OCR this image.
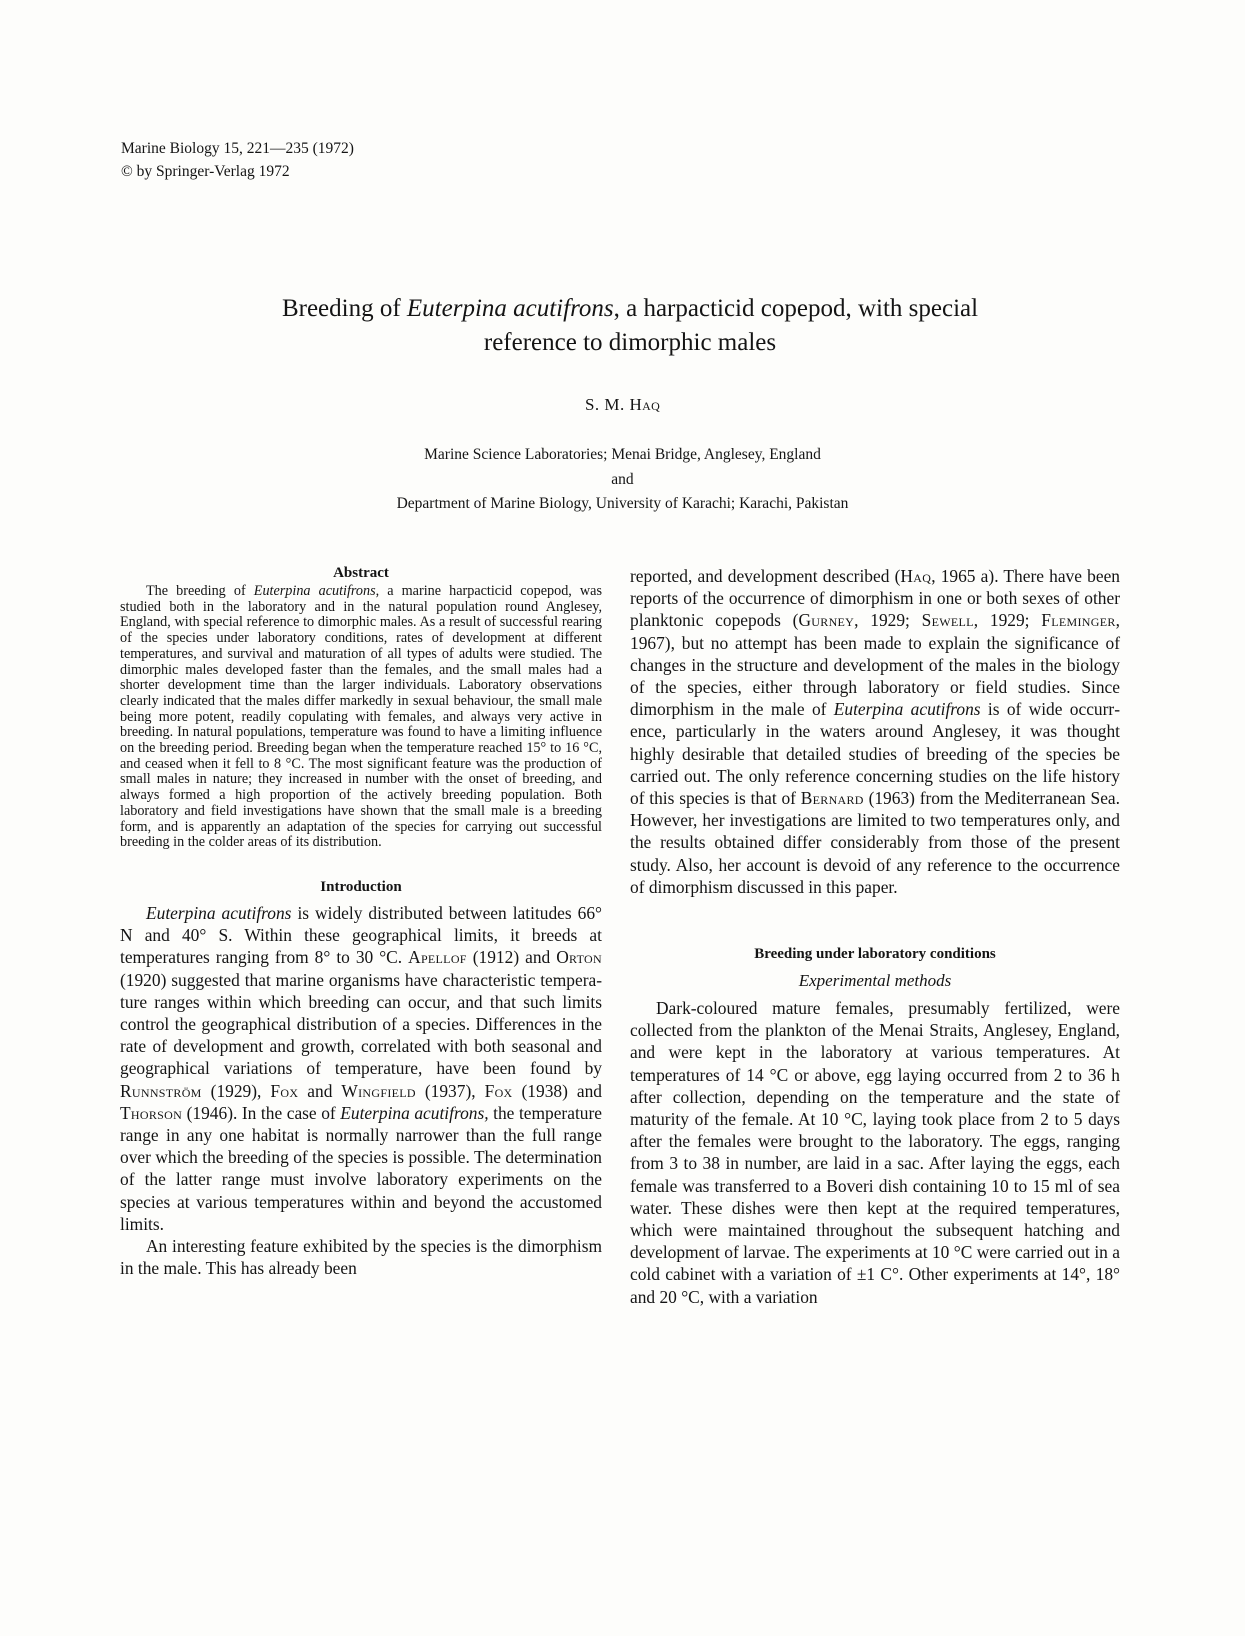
Marine Biology 15, 221—235 (1972)
© by Springer-Verlag 1972
Breeding of Euterpina acutifrons, a harpacticid copepod, with special
reference to dimorphic males
S. M. Haq
Marine Science Laboratories; Menai Bridge, Anglesey, England
and
Department of Marine Biology, University of Karachi; Karachi, Pakistan
Abstract

The breeding of Euterpina acutifrons, a marine harpacticid copepod, was studied both in the laboratory and in the natural population round Anglesey, England, with special reference to dimorphic males. As a result of successful rearing of the species under laboratory conditions, rates of development at different temperatures, and survival and maturation of all types of adults were studied. The dimorphic males developed faster than the females, and the small males had a shorter development time than the larger individuals. Laboratory observations clearly indicated that the males differ markedly in sexual behaviour, the small male being more potent, readily copulating with females, and always very active in breeding. In natural populations, temperature was found to have a limiting influence on the breeding period. Breeding began when the temperature reached 15° to 16 °C, and ceased when it fell to 8 °C. The most significant feature was the production of small males in nature; they increased in number with the onset of breeding, and always formed a high proportion of the actively breeding population. Both laboratory and field investigations have shown that the small male is a breeding form, and is apparently an adaptation of the species for carrying out successful breeding in the colder areas of its distribution.

Introduction

Euterpina acutifrons is widely distributed between latitudes 66° N and 40° S. Within these geographical limits, it breeds at temperatures ranging from 8° to 30 °C. Apellof (1912) and Orton (1920) suggested that marine organisms have characteristic temperature ranges within which breeding can occur, and that such limits control the geographical distribution of a species. Differences in the rate of development and growth, correlated with both seasonal and geographical variations of temperature, have been found by Runnström (1929), Fox and Wingfield (1937), Fox (1938) and Thorson (1946). In the case of Euterpina acutifrons, the temperature range in any one habitat is normally narrower than the full range over which the breeding of the species is possible. The determination of the latter range must involve laboratory experiments on the species at various temperatures within and beyond the accustomed limits.

An interesting feature exhibited by the species is the dimorphism in the male. This has already been

reported, and development described (Haq, 1965 a). There have been reports of the occurrence of dimorphism in one or both sexes of other planktonic copepods (Gurney, 1929; Sewell, 1929; Fleminger, 1967), but no attempt has been made to explain the significance of changes in the structure and development of the males in the biology of the species, either through laboratory or field studies. Since dimorphism in the male of Euterpina acutifrons is of wide occurrence, particularly in the waters around Anglesey, it was thought highly desirable that detailed studies of breeding of the species be carried out. The only reference concerning studies on the life history of this species is that of Bernard (1963) from the Mediterranean Sea. However, her investigations are limited to two temperatures only, and the results obtained differ considerably from those of the present study. Also, her account is devoid of any reference to the occurrence of dimorphism discussed in this paper.

Breeding under laboratory conditions
Experimental methods

Dark-coloured mature females, presumably fertilized, were collected from the plankton of the Menai Straits, Anglesey, England, and were kept in the laboratory at various temperatures. At temperatures of 14 °C or above, egg laying occurred from 2 to 36 h after collection, depending on the temperature and the state of maturity of the female. At 10 °C, laying took place from 2 to 5 days after the females were brought to the laboratory. The eggs, ranging from 3 to 38 in number, are laid in a sac. After laying the eggs, each female was transferred to a Boveri dish containing 10 to 15 ml of sea water. These dishes were then kept at the required temperatures, which were maintained throughout the subsequent hatching and development of larvae. The experiments at 10 °C were carried out in a cold cabinet with a variation of ±1 C°. Other experiments at 14°, 18° and 20 °C, with a variation
